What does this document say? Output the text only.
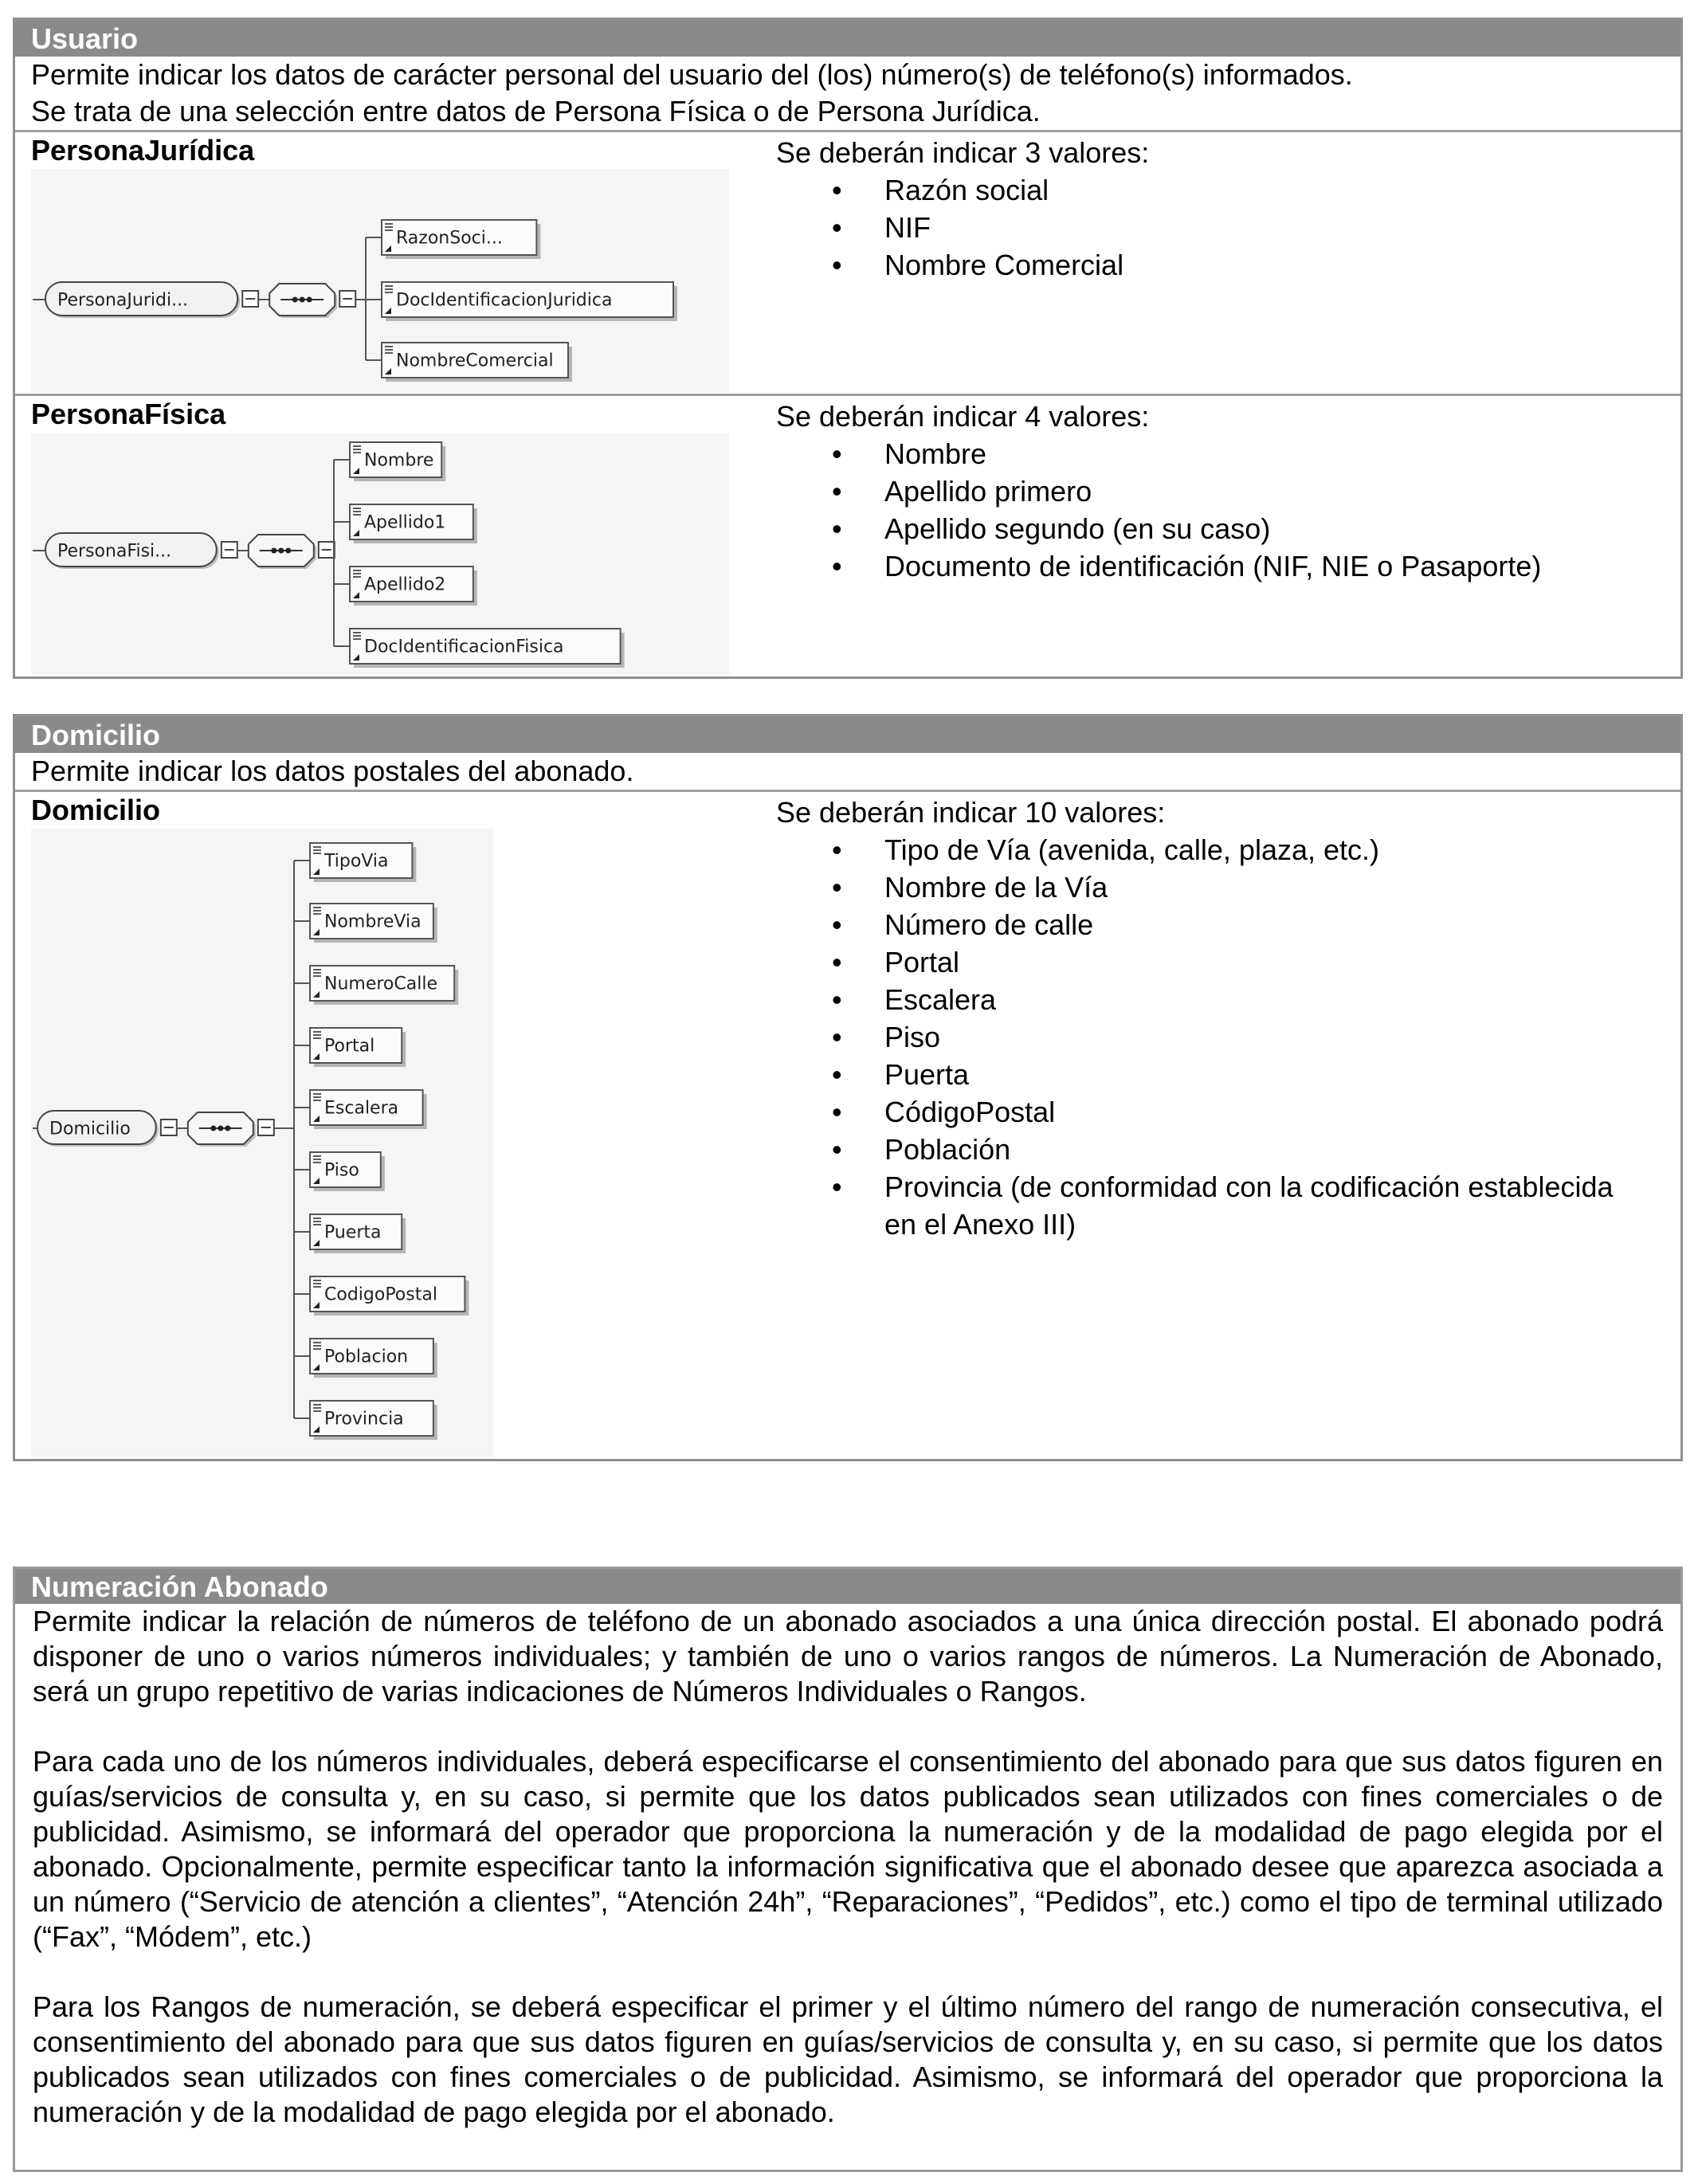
Usuario
Permite indicar los datos de carácter personal del usuario del (los) número(s) de teléfono(s) informados.
Se trata de una selección entre datos de Persona Física o de Persona Jurídica.
PersonaJurídica
PersonaJuridi...
RazonSoci...
DocIdentificacionJuridica
NombreComercial
Se deberán indicar 3 valores:
• Razón social
• NIF
• Nombre Comercial
PersonaFísica
PersonaFisi...
Nombre
Apellido1
Apellido2
DocIdentificacionFisica
Se deberán indicar 4 valores:
• Nombre
• Apellido primero
• Apellido segundo (en su caso)
• Documento de identificación (NIF, NIE o Pasaporte)
Domicilio
Permite indicar los datos postales del abonado.
Domicilio
Domicilio
TipoVia
NombreVia
NumeroCalle
Portal
Escalera
Piso
Puerta
CodigoPostal
Poblacion
Provincia
Se deberán indicar 10 valores:
• Tipo de Vía (avenida, calle, plaza, etc.)
• Nombre de la Vía
• Número de calle
• Portal
• Escalera
• Piso
• Puerta
• CódigoPostal
• Población
• Provincia (de conformidad con la codificación establecida en el Anexo III)
Numeración Abonado

Permite indicar la relación de números de teléfono de un abonado asociados a una única dirección postal. El abonado podrá disponer de uno o varios números individuales; y también de uno o varios rangos de números. La Numeración de Abonado, será un grupo repetitivo de varias indicaciones de Números Individuales o Rangos.

Para cada uno de los números individuales, deberá especificarse el consentimiento del abonado para que sus datos figuren en guías/servicios de consulta y, en su caso, si permite que los datos publicados sean utilizados con fines comerciales o de publicidad. Asimismo, se informará del operador que proporciona la numeración y de la modalidad de pago elegida por el abonado. Opcionalmente, permite especificar tanto la información significativa que el abonado desee que aparezca asociada a un número (“Servicio de atención a clientes”, “Atención 24h”, “Reparaciones”, “Pedidos”, etc.) como el tipo de terminal utilizado (“Fax”, “Módem”, etc.)

Para los Rangos de numeración, se deberá especificar el primer y el último número del rango de numeración consecutiva, el consentimiento del abonado para que sus datos figuren en guías/servicios de consulta y, en su caso, si permite que los datos publicados sean utilizados con fines comerciales o de publicidad. Asimismo, se informará del operador que proporciona la numeración y de la modalidad de pago elegida por el abonado.
